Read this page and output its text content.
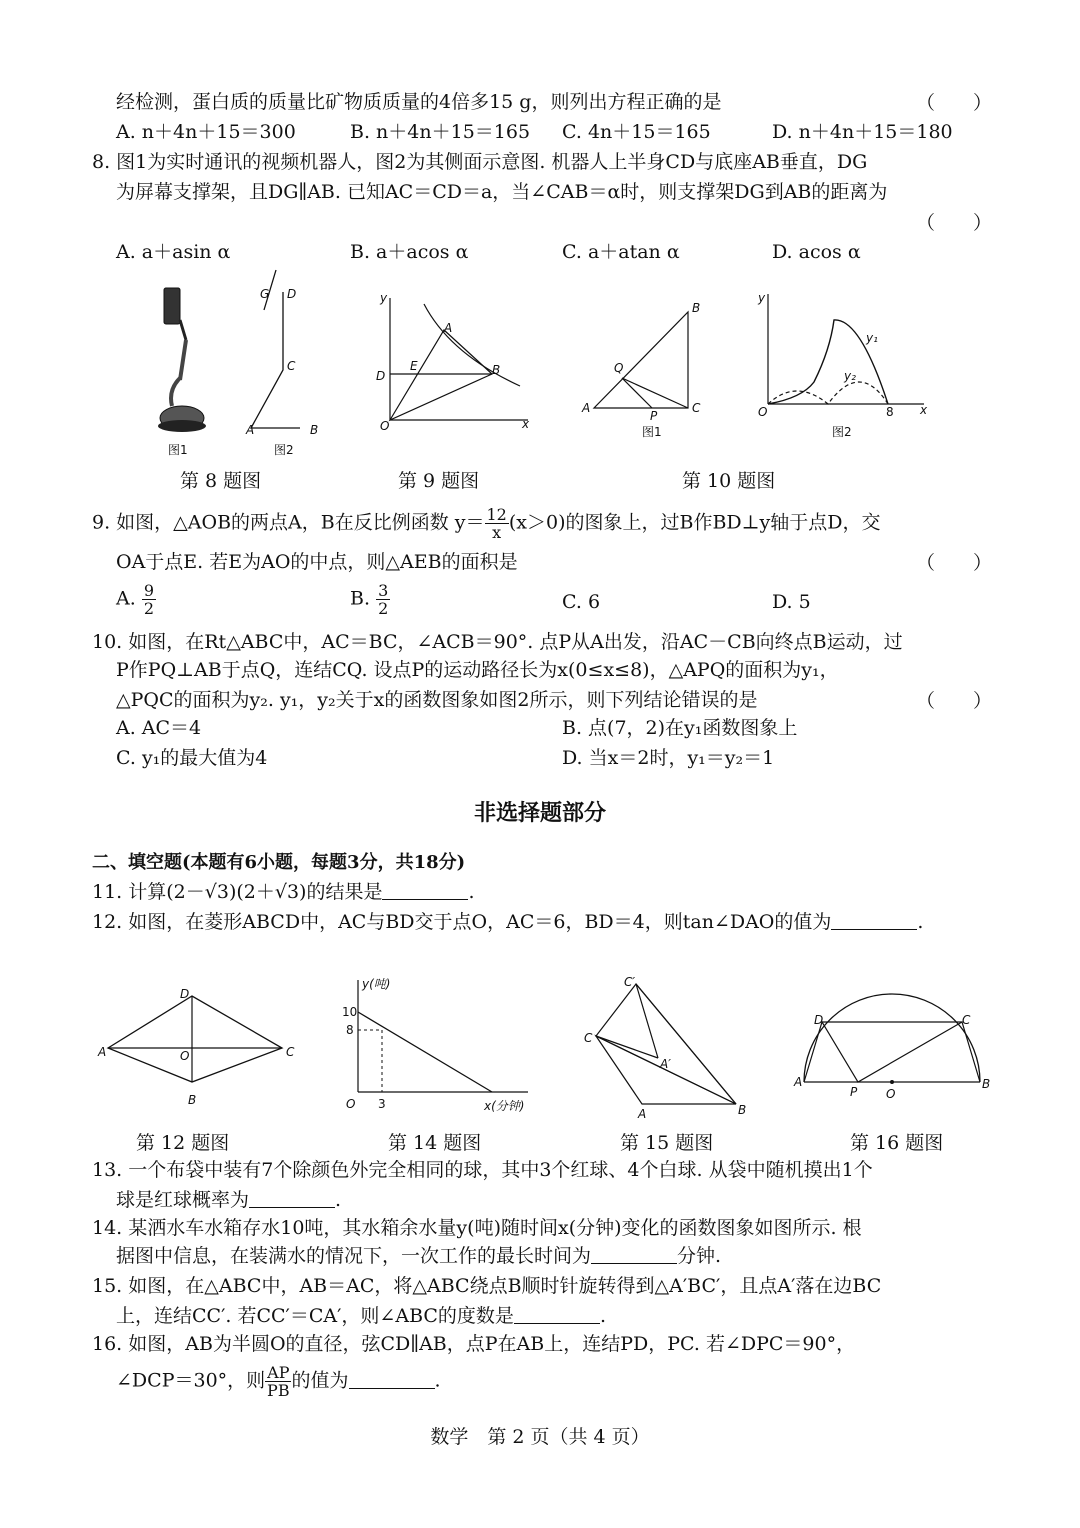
经检测，蛋白质的质量比矿物质质量的4倍多15 g，则列出方程正确的是	（　　）
A. n＋4n＋15＝300	B. n＋4n＋15＝165 C. 4n＋15＝165	D. n＋4n＋15＝180
8. 图1为实时通讯的视频机器人，图2为其侧面示意图. 机器人上半身CD与底座AB垂直，DG
为屏幕支撑架，且DG∥AB. 已知AC＝CD＝a，当∠CAB＝α时，则支撑架DG到AB的距离为
（　　）
A. a＋asin α	B. a＋acos α	C. a＋atan α	D. acos α
G D
C
A	B
图1	图2
第 8 题图
y
x
O
D
E
A
B
第 9 题图
A	C
B
Q
P
图1
y
x
O	8
y₁
y₂
图2
第 10 题图
9. 如图，△AOB的两点A，B在反比例函数 $y= \frac{12}{x} (x>0)$的图象上，过B作BD⊥y轴于点D，交
OA于点E. 若E为AO的中点，则△AEB的面积是	（　　）
A. $\frac{9}{2}$	B. $\frac{3}{2}$	C. 6	D. 5
10. 如图，在Rt△ABC中，AC＝BC，∠ACB＝90°. 点P从A出发，沿AC－CB向终点B运动，过
P作PQ⊥AB于点Q，连结CQ. 设点P的运动路径长为x(0≤x≤8)，△APQ的面积为y₁，
△PQC的面积为y₂. y₁，y₂关于x的函数图象如图2所示，则下列结论错误的是	（　　）
A. AC＝4	B. 点(7，2)在y₁函数图象上
C. y₁的最大值为4	D. 当x＝2时，y₁＝y₂＝1
非选择题部分
二、填空题(本题有6小题，每题3分，共18分)
11. 计算(2－√3)(2＋√3)的结果是	.
12. 如图，在菱形ABCD中，AC与BD交于点O，AC＝6，BD＝4，则tan∠DAO的值为	.
A	C
D
B
O
第 12 题图
y(吨)
x(分钟)
10
8
3
O
第 14 题图
C′
C
A′
A	B
第 15 题图
D	C
A	B
P O
第 16 题图
13. 一个布袋中装有7个除颜色外完全相同的球，其中3个红球、4个白球. 从袋中随机摸出1个
球是红球概率为	.
14. 某洒水车水箱存水10吨，其水箱余水量y(吨)随时间x(分钟)变化的函数图象如图所示. 根
据图中信息，在装满水的情况下，一次工作的最长时间为	分钟.
15. 如图，在△ABC中，AB＝AC，将△ABC绕点B顺时针旋转得到△A′BC′，且点A′落在边BC
上，连结CC′. 若CC′＝CA′，则∠ABC的度数是	.
16. 如图，AB为半圆O的直径，弦CD∥AB，点P在AB上，连结PD，PC. 若∠DPC＝90°，
∠DCP＝30°，则 $\frac{AP}{PB}$ 的值为	.
数学　第 2 页（共 4 页）
